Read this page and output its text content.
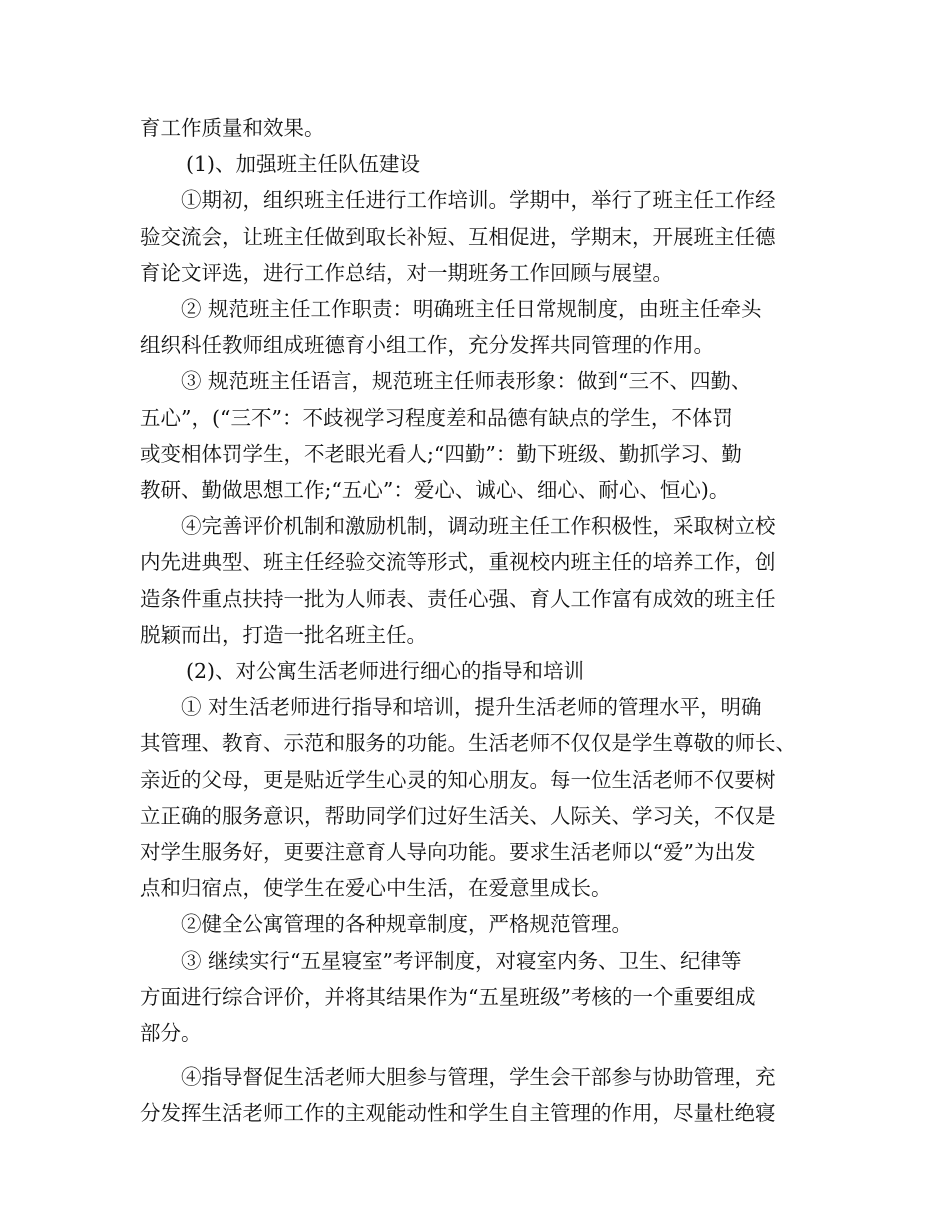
育工作质量和效果。

(1)、加强班主任队伍建设

①期初，组织班主任进行工作培训。学期中，举行了班主任工作经
验交流会，让班主任做到取长补短、互相促进，学期末，开展班主任德
育论文评选，进行工作总结，对一期班务工作回顾与展望。

② 规范班主任工作职责：明确班主任日常规制度，由班主任牵头
组织科任教师组成班德育小组工作，充分发挥共同管理的作用。

③ 规范班主任语言，规范班主任师表形象：做到“三不、四勤、
五心”，(“三不”：不歧视学习程度差和品德有缺点的学生，不体罚
或变相体罚学生，不老眼光看人;“四勤”：勤下班级、勤抓学习、勤
教研、勤做思想工作;“五心”：爱心、诚心、细心、耐心、恒心)。

④完善评价机制和激励机制，调动班主任工作积极性，采取树立校
内先进典型、班主任经验交流等形式，重视校内班主任的培养工作，创
造条件重点扶持一批为人师表、责任心强、育人工作富有成效的班主任
脱颖而出，打造一批名班主任。

(2)、对公寓生活老师进行细心的指导和培训

① 对生活老师进行指导和培训，提升生活老师的管理水平，明确
其管理、教育、示范和服务的功能。生活老师不仅仅是学生尊敬的师长、
亲近的父母，更是贴近学生心灵的知心朋友。每一位生活老师不仅要树
立正确的服务意识，帮助同学们过好生活关、人际关、学习关，不仅是
对学生服务好，更要注意育人导向功能。要求生活老师以“爱”为出发
点和归宿点，使学生在爱心中生活，在爱意里成长。

②健全公寓管理的各种规章制度，严格规范管理。

③ 继续实行“五星寝室”考评制度，对寝室内务、卫生、纪律等
方面进行综合评价，并将其结果作为“五星班级”考核的一个重要组成
部分。

④指导督促生活老师大胆参与管理，学生会干部参与协助管理，充
分发挥生活老师工作的主观能动性和学生自主管理的作用，尽量杜绝寝
